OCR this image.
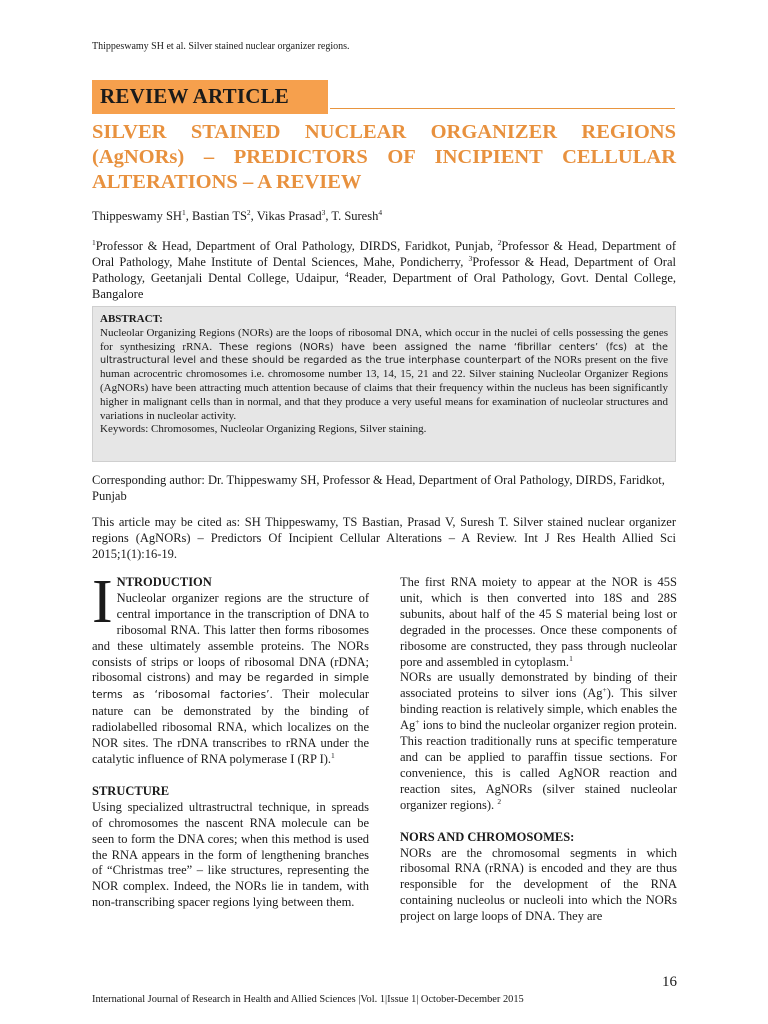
Thippeswamy SH et al. Silver stained nuclear organizer regions.
REVIEW ARTICLE
SILVER STAINED NUCLEAR ORGANIZER REGIONS (AgNORs) – PREDICTORS OF INCIPIENT CELLULAR ALTERATIONS – A REVIEW
Thippeswamy $SH^1$, Bastian $TS^2$, Vikas Prasad$^3$, T. Suresh$^4$
$^1$Professor & Head, Department of Oral Pathology, DIRDS, Faridkot, Punjab, $^2$Professor & Head, Department of Oral Pathology, Mahe Institute of Dental Sciences, Mahe, Pondicherry, $^3$Professor & Head, Department of Oral Pathology, Geetanjali Dental College, Udaipur, $^4$Reader, Department of Oral Pathology, Govt. Dental College, Bangalore
ABSTRACT:

Nucleolar Organizing Regions (NORs) are the loops of ribosomal DNA, which occur in the nuclei of cells possessing the genes for synthesizing rRNA. These regions (NORs) have been assigned the name ‘fibrillar centers’ (fcs) at the ultrastructural level and these should be regarded as the true interphase counterpart of the NORs present on the five human acrocentric chromosomes i.e. chromosome number 13, 14, 15, 21 and 22. Silver staining Nucleolar Organizer Regions (AgNORs) have been attracting much attention because of claims that their frequency within the nucleus has been significantly higher in malignant cells than in normal, and that they produce a very useful means for examination of nucleolar structures and variations in nucleolar activity.

Keywords: Chromosomes, Nucleolar Organizing Regions, Silver staining.

Corresponding author: Dr. Thippeswamy SH, Professor & Head, Department of Oral Pathology, DIRDS, Faridkot, Punjab
This article may be cited as: SH Thippeswamy, TS Bastian, Prasad V, Suresh T. Silver stained nuclear organizer regions (AgNORs) – Predictors Of Incipient Cellular Alterations – A Review. Int J Res Health Allied Sci 2015;1(1):16-19.

I NTRODUCTION
Nucleolar organizer regions are the structure of central importance in the transcription of DNA to ribosomal RNA. This latter then forms ribosomes and these ultimately assemble proteins. The NORs consists of strips or loops of ribosomal DNA (rDNA; ribosomal cistrons) and may be regarded in simple terms as ‘ribosomal factories’. Their molecular nature can be demonstrated by the binding of radiolabelled ribosomal RNA, which localizes on the NOR sites. The rDNA transcribes to rRNA under the catalytic influence of RNA polymerase I (RP I).$^1$

STRUCTURE

Using specialized ultrastructral technique, in spreads of chromosomes the nascent RNA molecule can be seen to form the DNA cores; when this method is used the RNA appears in the form of lengthening branches of “Christmas tree” – like structures, representing the NOR complex. Indeed, the NORs lie in tandem, with non-transcribing spacer regions lying between them.

The first RNA moiety to appear at the NOR is 45S unit, which is then converted into 18S and 28S subunits, about half of the 45 S material being lost or degraded in the processes. Once these components of ribosome are constructed, they pass through nucleolar pore and assembled in cytoplasm.$^1$

NORs are usually demonstrated by binding of their associated proteins to silver ions (Ag+). This silver binding reaction is relatively simple, which enables the Ag+ ions to bind the nucleolar organizer region protein. This reaction traditionally runs at specific temperature and can be applied to paraffin tissue sections. For convenience, this is called AgNOR reaction and reaction sites, AgNORs (silver stained nucleolar organizer regions). $^2$

NORS AND CHROMOSOMES:

NORs are the chromosomal segments in which ribosomal RNA (rRNA) is encoded and they are thus responsible for the development of the RNA containing nucleolus or nucleoli into which the NORs project on large loops of DNA. They are

16
International Journal of Research in Health and Allied Sciences |Vol. 1|Issue 1| October-December 2015
